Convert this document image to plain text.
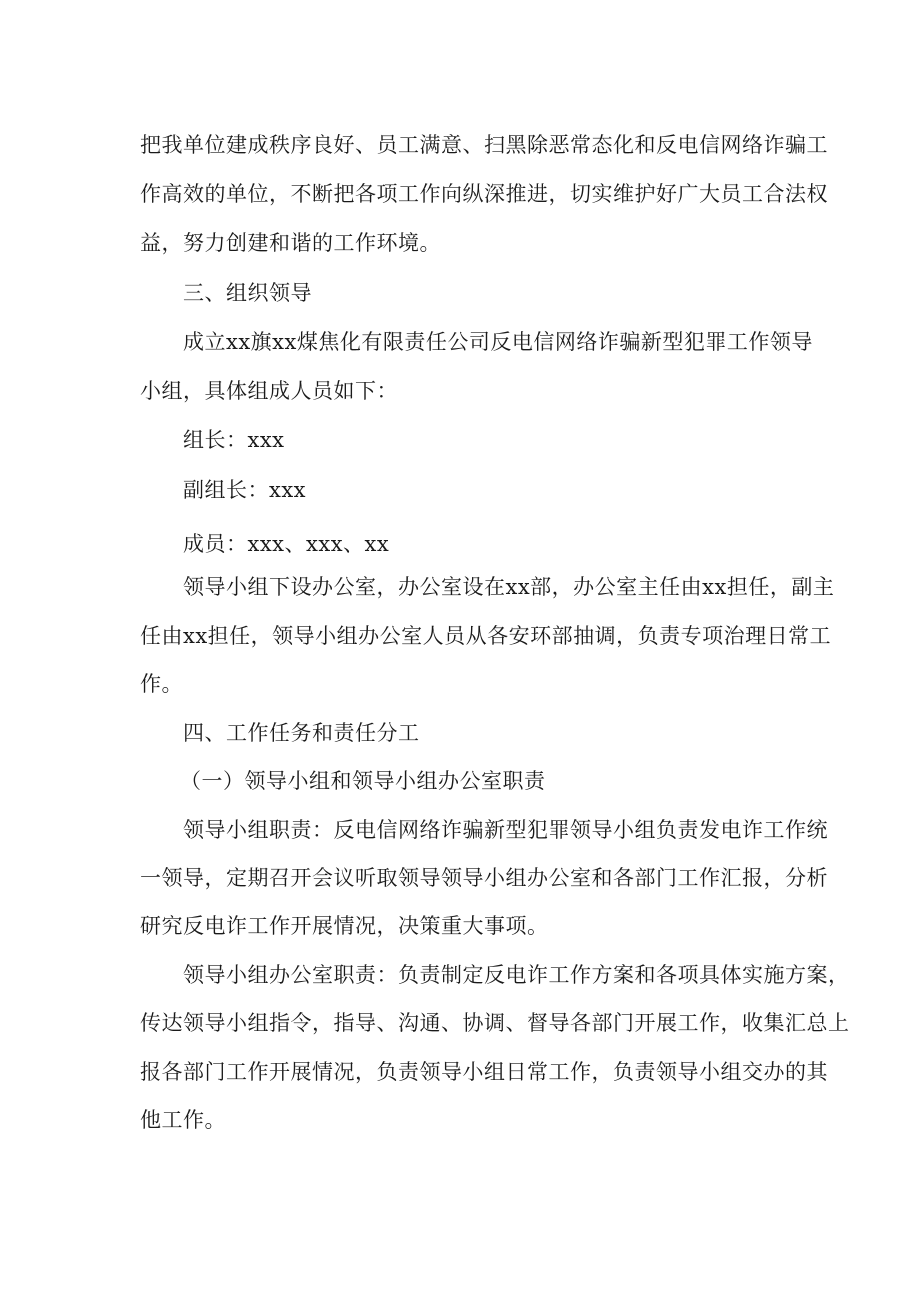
把我单位建成秩序良好、员工满意、扫黑除恶常态化和反电信网络诈骗工
作高效的单位，不断把各项工作向纵深推进，切实维护好广大员工合法权
益，努力创建和谐的工作环境。
三、组织领导
成立xx旗xx煤焦化有限责任公司反电信网络诈骗新型犯罪工作领导
小组，具体组成人员如下：
组长：xxx
副组长：xxx
成员：xxx、xxx、xx
领导小组下设办公室，办公室设在xx部，办公室主任由xx担任，副主
任由xx担任，领导小组办公室人员从各安环部抽调，负责专项治理日常工
作。
四、工作任务和责任分工
（一）领导小组和领导小组办公室职责
领导小组职责：反电信网络诈骗新型犯罪领导小组负责发电诈工作统
一领导，定期召开会议听取领导领导小组办公室和各部门工作汇报，分析
研究反电诈工作开展情况，决策重大事项。
领导小组办公室职责：负责制定反电诈工作方案和各项具体实施方案，
传达领导小组指令，指导、沟通、协调、督导各部门开展工作，收集汇总上
报各部门工作开展情况，负责领导小组日常工作，负责领导小组交办的其
他工作。
